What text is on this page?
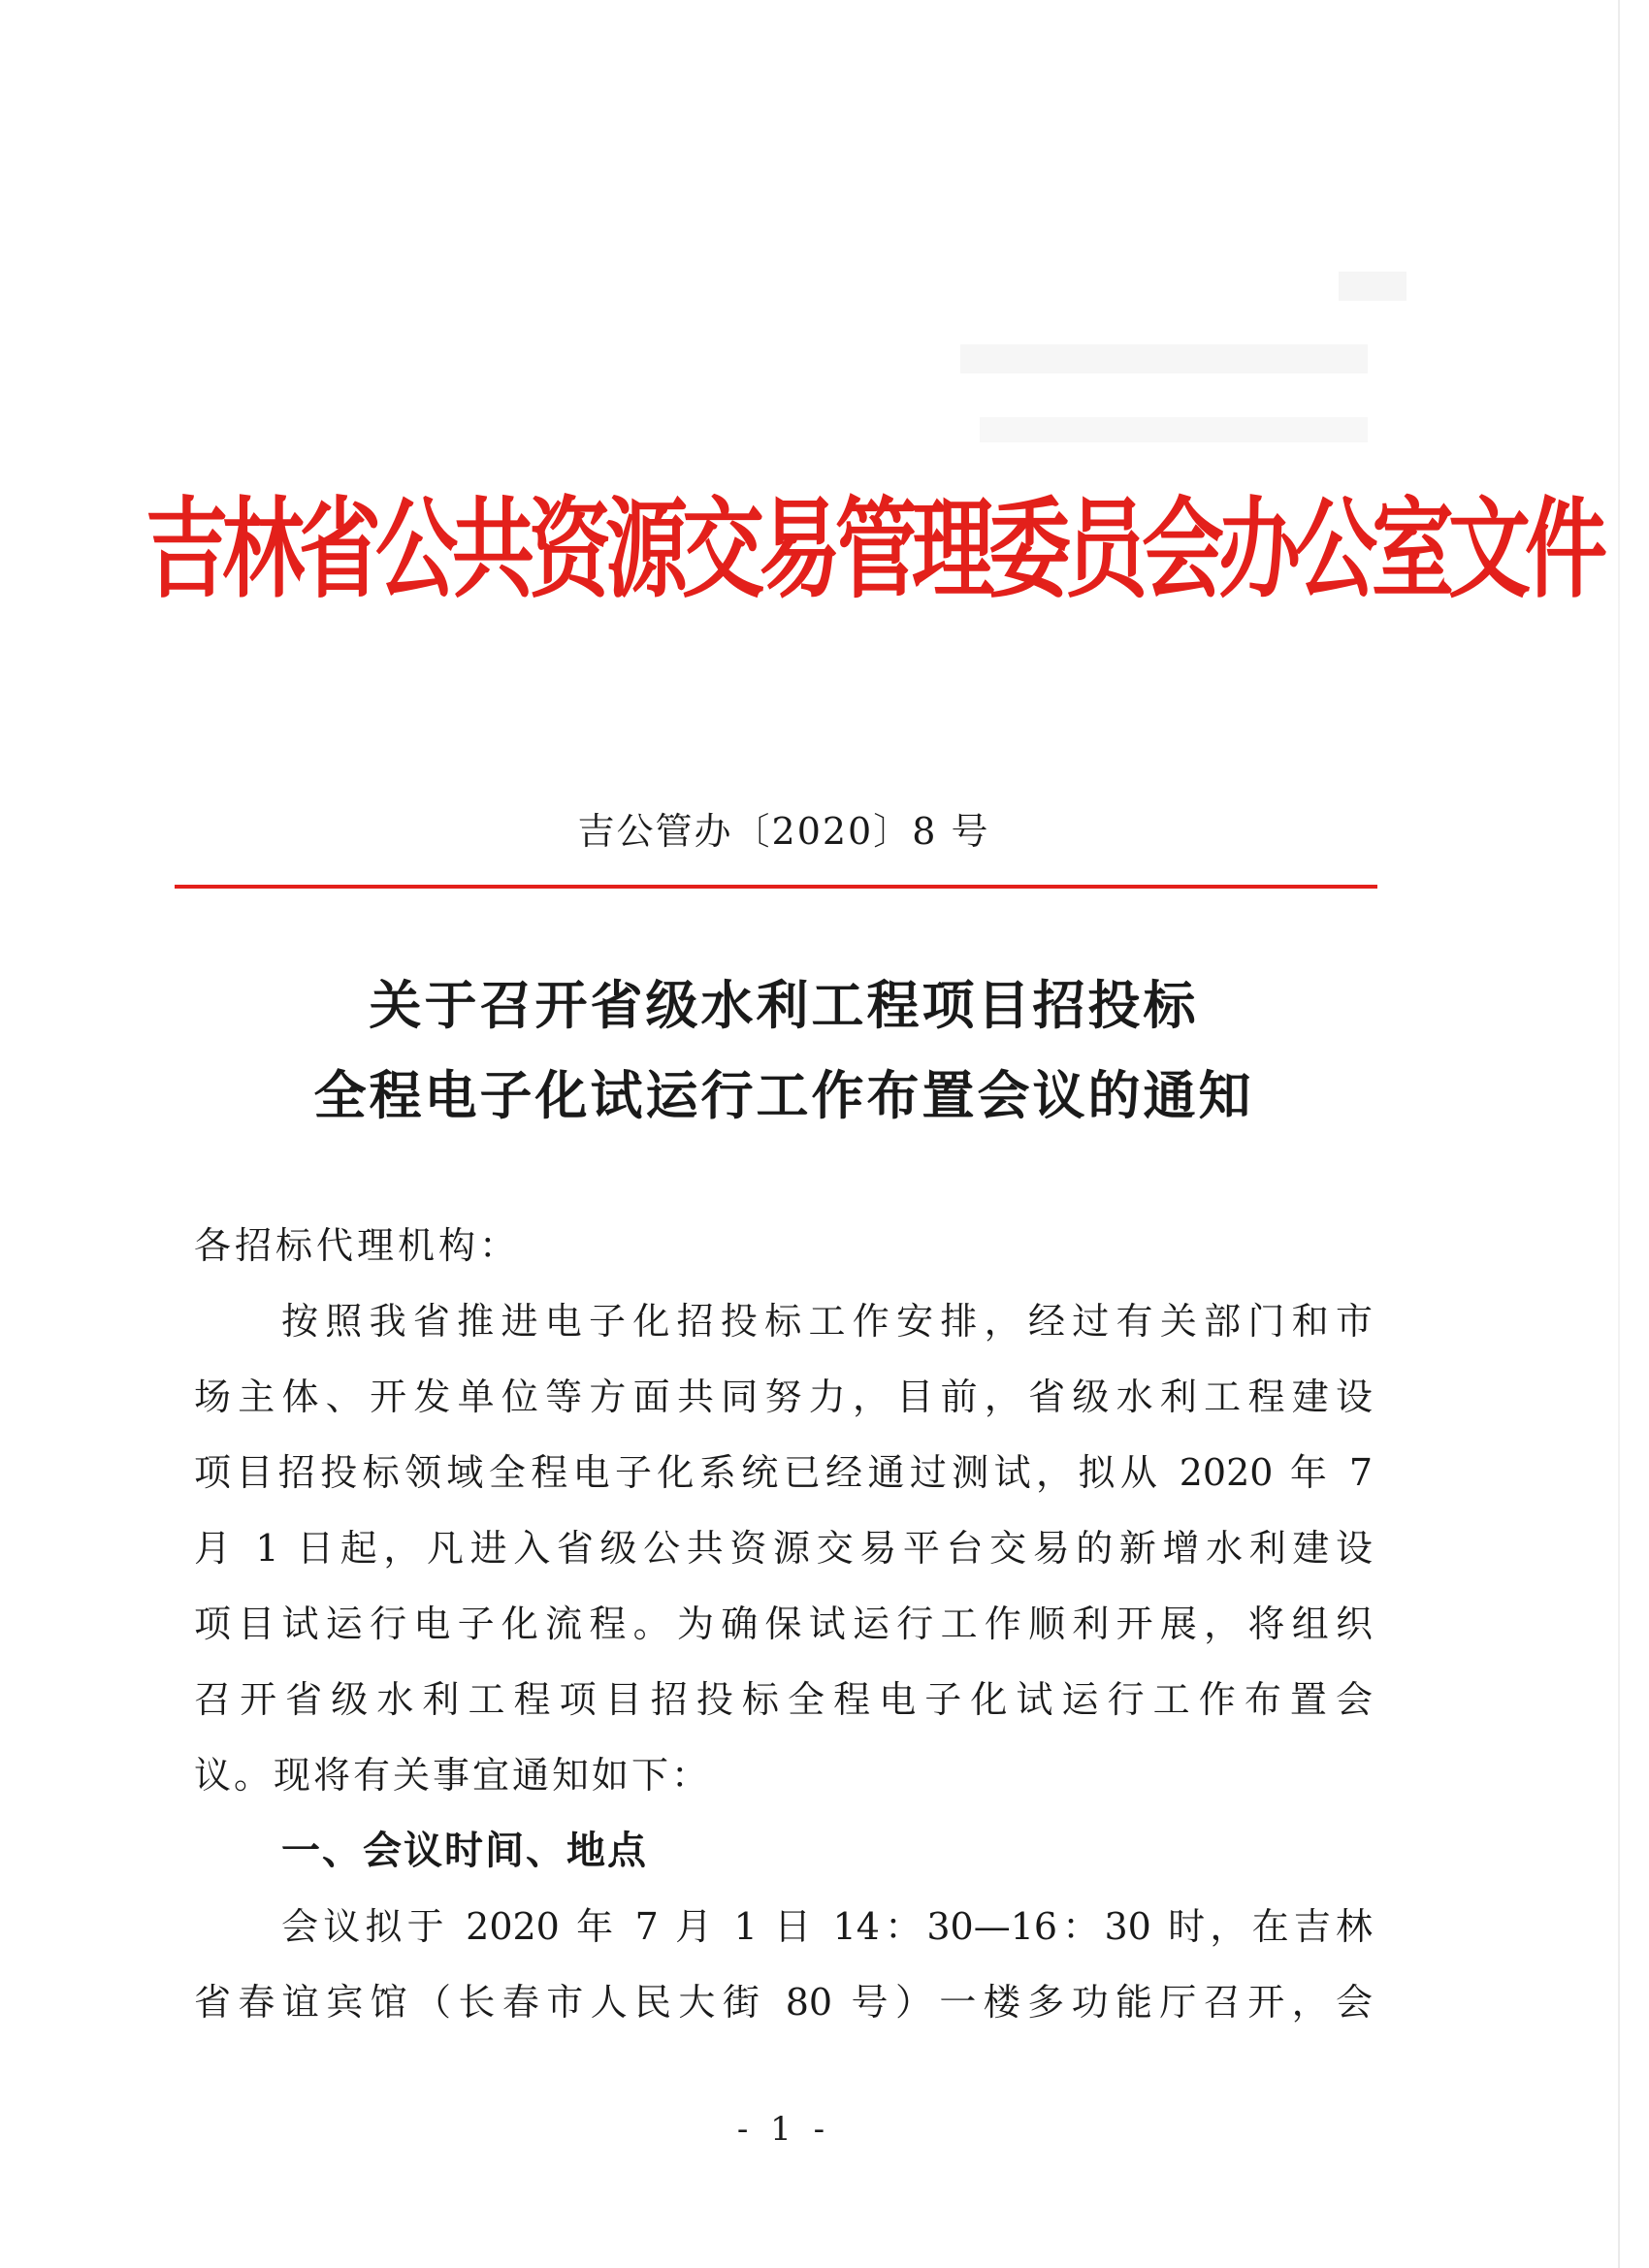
吉林省公共资源交易管理委员会办公室文件
吉公管办〔2020〕8 号
关于召开省级水利工程项目招投标
全程电子化试运行工作布置会议的通知
各招标代理机构：
按照我省推进电子化招投标工作安排，经过有关部门和市
场主体、开发单位等方面共同努力，目前，省级水利工程建设
项目招投标领域全程电子化系统已经通过测试，拟从 2020 年 7
月 1 日起，凡进入省级公共资源交易平台交易的新增水利建设
项目试运行电子化流程。为确保试运行工作顺利开展，将组织
召开省级水利工程项目招投标全程电子化试运行工作布置会
议。现将有关事宜通知如下：
一、会议时间、地点
会议拟于 2020 年 7 月 1 日 14：30—16：30 时，在吉林
省春谊宾馆（长春市人民大街 80 号）一楼多功能厅召开，会
- 1 -
